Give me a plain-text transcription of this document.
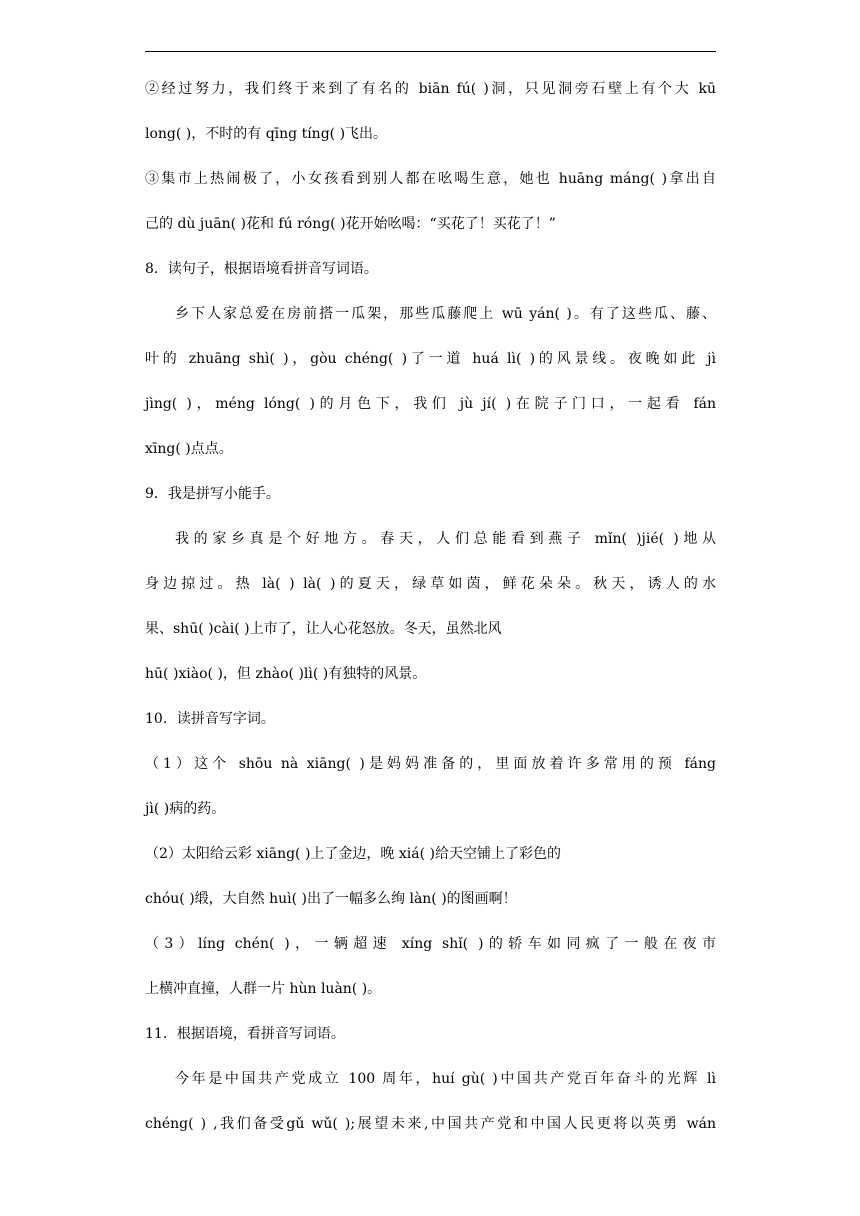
②经过努力，我们终于来到了有名的 biān fú( )洞，只见洞旁石壁上有个大 kū
long( )，不时的有 qīng tíng( )飞出。
③集市上热闹极了，小女孩看到别人都在吆喝生意，她也 huāng máng( )拿出自
己的 dù juān( )花和 fú róng( )花开始吆喝：“买花了！买花了！”
8．读句子，根据语境看拼音写词语。
乡下人家总爱在房前搭一瓜架，那些瓜藤爬上 wū yán( )。有了这些瓜、藤、
叶的 zhuāng shì( )，gòu chéng( )了一道 huá lì( )的风景线。夜晚如此 jì
jìng( )，méng lóng( )的月色下，我们 jù jí( )在院子门口，一起看 fán
xīng( )点点。
9．我是拼写小能手。
我的家乡真是个好地方。春天，人们总能看到燕子 mǐn( )jié( )地从
身边掠过。热 là( ) là( )的夏天，绿草如茵，鲜花朵朵。秋天，诱人的水
果、shū( )cài( )上市了，让人心花怒放。冬天，虽然北风
hū( )xiào( )，但 zhào( )lì( )有独特的风景。
10．读拼音写字词。
（1）这个 shōu nà xiāng( )是妈妈准备的，里面放着许多常用的预 fáng
jì( )病的药。
（2）太阳给云彩 xiāng( )上了金边，晚 xiá( )给天空铺上了彩色的
chóu( )缎，大自然 huì( )出了一幅多么绚 làn( )的图画啊！
（3）líng chén( )，一辆超速 xíng shǐ( )的轿车如同疯了一般在夜市
上横冲直撞，人群一片 hùn luàn( )。
11．根据语境，看拼音写词语。
今年是中国共产党成立 100 周年，huí gù( )中国共产党百年奋斗的光辉 lì
chéng( ) ,我们备受gǔ wǔ( );展望未来,中国共产党和中国人民更将以英勇 wán
